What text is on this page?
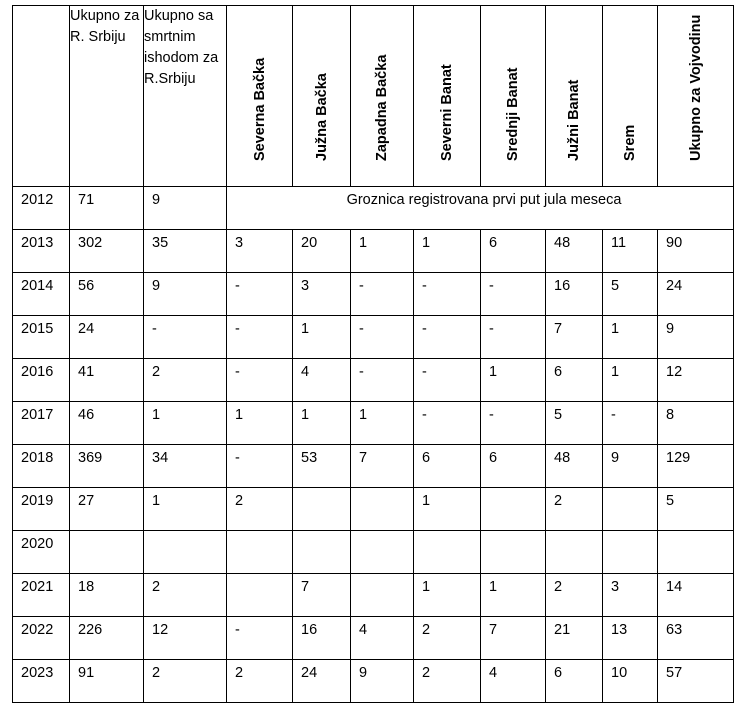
	Ukupno za R. Srbiju	Ukupno sa smrtnim ishodom za R.Srbiju	Severna Bačka	Južna Bačka	Zapadna Bačka	Severni Banat	Srednji Banat	Južni Banat	Srem	Ukupno za Vojvodinu	

2012	71	9	Groznica registrovana prvi put jula meseca								
2013	302	35	3	20	1	1	6	48	11	90	
2014	56	9	-	3	-	-	-	16	5	24	
2015	24	-	-	1	-	-	-	7	1	9	
2016	41	2	-	4	-	-	1	6	1	12	
2017	46	1	1	1	1	-	-	5	-	8	
2018	369	34	-	53	7	6	6	48	9	129	
2019	27	1	2			1		2		5	
2020											
2021	18	2		7		1	1	2	3	14	
2022	226	12	-	16	4	2	7	21	13	63	
2023	91	2	2	24	9	2	4	6	10	57	
